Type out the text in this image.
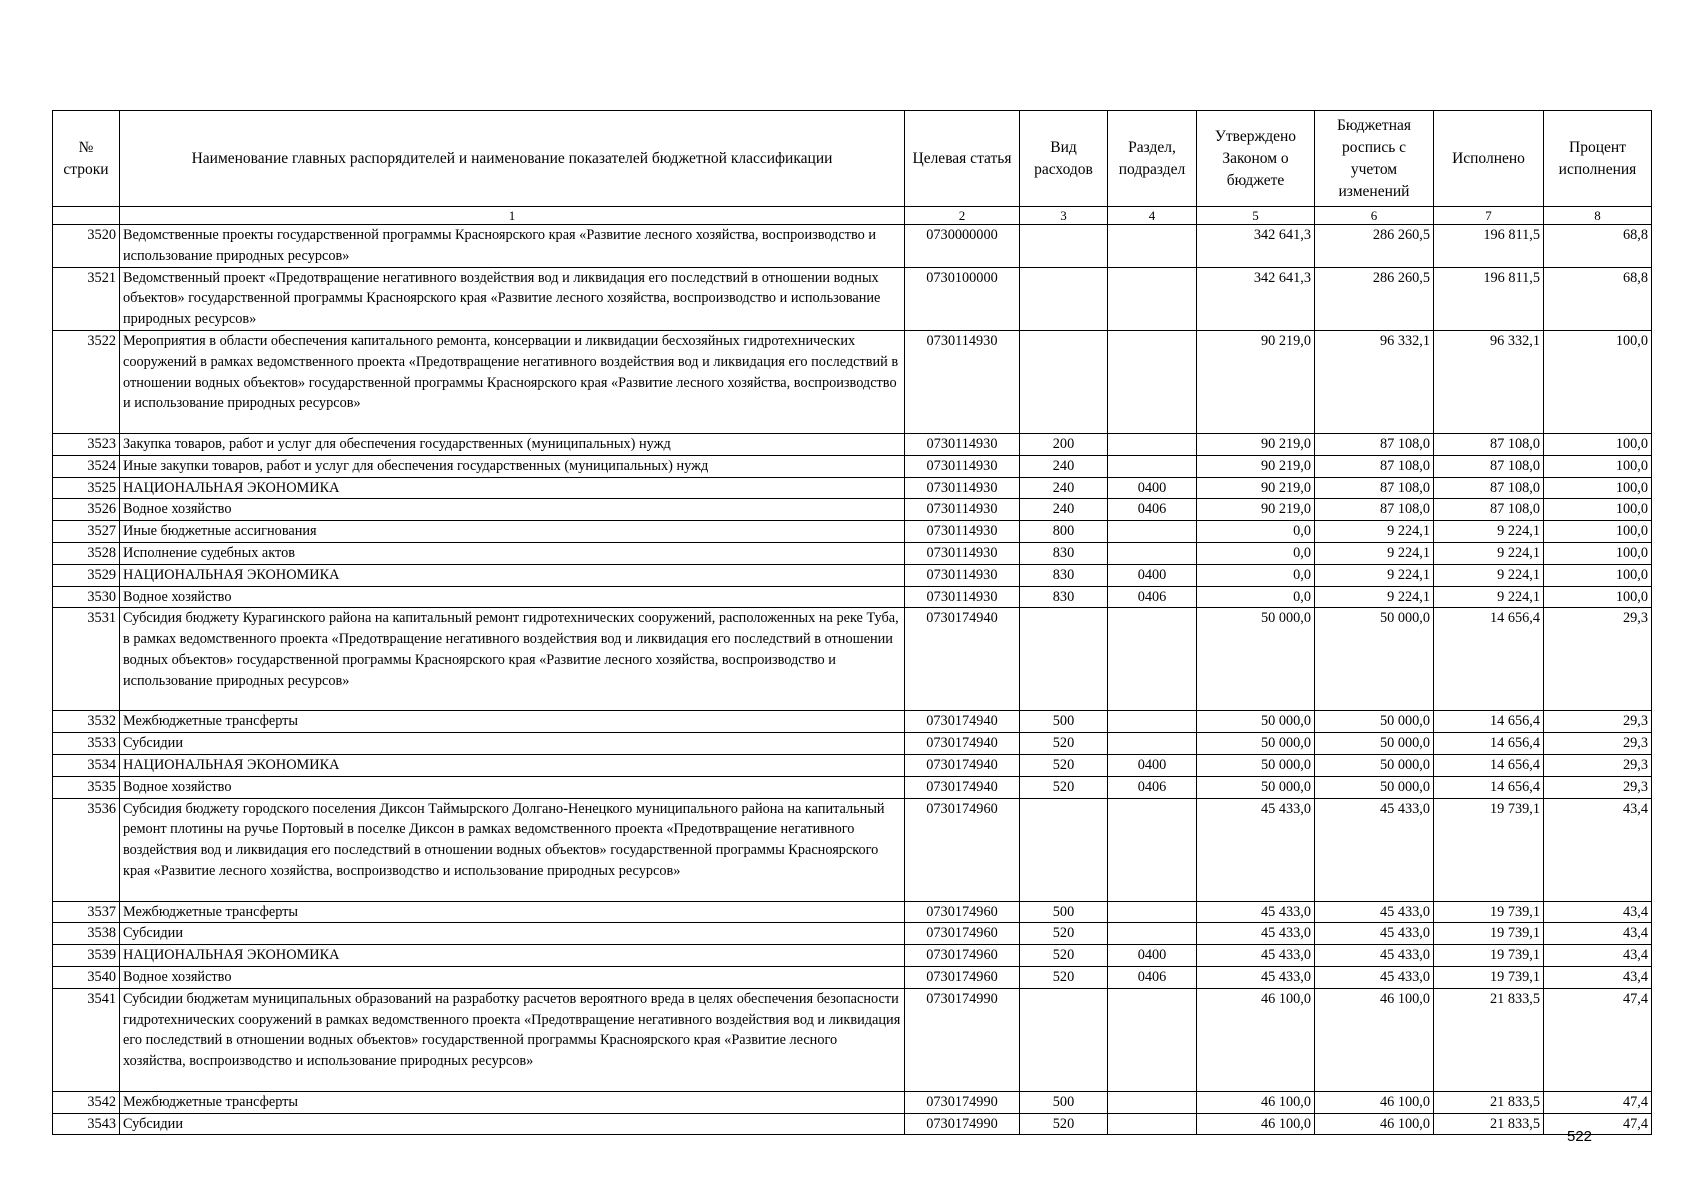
№ строки	Наименование главных распорядителей и наименование показателей бюджетной классификации	Целевая статья	Вид расходов	Раздел, подраздел	Утверждено Законом о бюджете	Бюджетная роспись с учетом изменений	Исполнено	Процент исполнения
	1	2	3	4	5	6	7	8
3520	Ведомственные проекты государственной программы Красноярского края «Развитие лесного хозяйства, воспроизводство и использование природных ресурсов»	0730000000			342 641,3	286 260,5	196 811,5	68,8
3521	Ведомственный проект «Предотвращение негативного воздействия вод и ликвидация его последствий в отношении водных объектов» государственной программы Красноярского края «Развитие лесного хозяйства, воспроизводство и использование природных ресурсов»	0730100000			342 641,3	286 260,5	196 811,5	68,8
3522	Мероприятия в области обеспечения капитального ремонта, консервации и ликвидации бесхозяйных гидротехнических сооружений в рамках ведомственного проекта «Предотвращение негативного воздействия вод и ликвидация его последствий в отношении водных объектов» государственной программы Красноярского края «Развитие лесного хозяйства, воспроизводство и использование природных ресурсов»	0730114930			90 219,0	96 332,1	96 332,1	100,0
3523	Закупка товаров, работ и услуг для обеспечения государственных (муниципальных) нужд	0730114930	200		90 219,0	87 108,0	87 108,0	100,0
3524	Иные закупки товаров, работ и услуг для обеспечения государственных (муниципальных) нужд	0730114930	240		90 219,0	87 108,0	87 108,0	100,0
3525	НАЦИОНАЛЬНАЯ ЭКОНОМИКА	0730114930	240	0400	90 219,0	87 108,0	87 108,0	100,0
3526	Водное хозяйство	0730114930	240	0406	90 219,0	87 108,0	87 108,0	100,0
3527	Иные бюджетные ассигнования	0730114930	800		0,0	9 224,1	9 224,1	100,0
3528	Исполнение судебных актов	0730114930	830		0,0	9 224,1	9 224,1	100,0
3529	НАЦИОНАЛЬНАЯ ЭКОНОМИКА	0730114930	830	0400	0,0	9 224,1	9 224,1	100,0
3530	Водное хозяйство	0730114930	830	0406	0,0	9 224,1	9 224,1	100,0
3531	Субсидия бюджету Курагинского района на капитальный ремонт гидротехнических сооружений, расположенных на реке Туба, в рамках ведомственного проекта «Предотвращение негативного воздействия вод и ликвидация его последствий в отношении водных объектов» государственной программы Красноярского края «Развитие лесного хозяйства, воспроизводство и использование природных ресурсов»	0730174940			50 000,0	50 000,0	14 656,4	29,3
3532	Межбюджетные трансферты	0730174940	500		50 000,0	50 000,0	14 656,4	29,3
3533	Субсидии	0730174940	520		50 000,0	50 000,0	14 656,4	29,3
3534	НАЦИОНАЛЬНАЯ ЭКОНОМИКА	0730174940	520	0400	50 000,0	50 000,0	14 656,4	29,3
3535	Водное хозяйство	0730174940	520	0406	50 000,0	50 000,0	14 656,4	29,3
3536	Субсидия бюджету городского поселения Диксон Таймырского Долгано-Ненецкого муниципального района на капитальный ремонт плотины на ручье Портовый в поселке Диксон в рамках ведомственного проекта «Предотвращение негативного воздействия вод и ликвидация его последствий в отношении водных объектов» государственной программы Красноярского края «Развитие лесного хозяйства, воспроизводство и использование природных ресурсов»	0730174960			45 433,0	45 433,0	19 739,1	43,4
3537	Межбюджетные трансферты	0730174960	500		45 433,0	45 433,0	19 739,1	43,4
3538	Субсидии	0730174960	520		45 433,0	45 433,0	19 739,1	43,4
3539	НАЦИОНАЛЬНАЯ ЭКОНОМИКА	0730174960	520	0400	45 433,0	45 433,0	19 739,1	43,4
3540	Водное хозяйство	0730174960	520	0406	45 433,0	45 433,0	19 739,1	43,4
3541	Субсидии бюджетам муниципальных образований на разработку расчетов вероятного вреда в целях обеспечения безопасности гидротехнических сооружений в рамках ведомственного проекта «Предотвращение негативного воздействия вод и ликвидация его последствий в отношении водных объектов» государственной программы Красноярского края «Развитие лесного хозяйства, воспроизводство и использование природных ресурсов»	0730174990			46 100,0	46 100,0	21 833,5	47,4
3542	Межбюджетные трансферты	0730174990	500		46 100,0	46 100,0	21 833,5	47,4
3543	Субсидии	0730174990	520		46 100,0	46 100,0	21 833,5	47,4
522
